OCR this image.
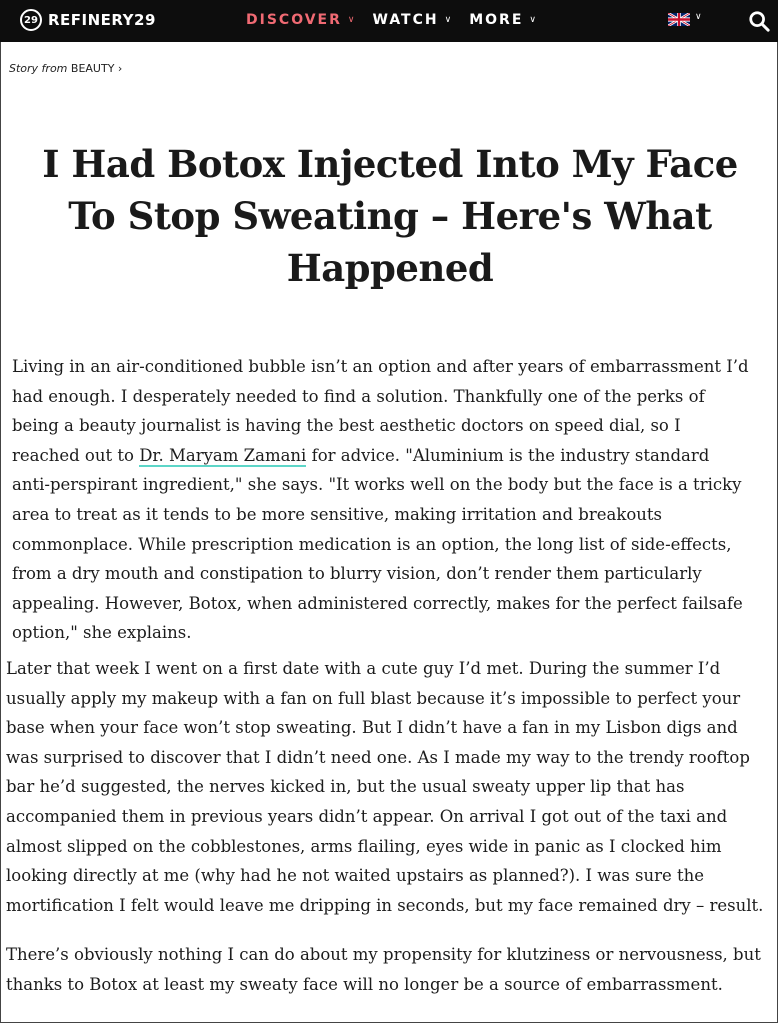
29 REFINERY29	DISCOVER ∨ WATCH ∨ MORE ∨	∨
Story from BEAUTY ›
I Had Botox Injected Into My Face To Stop Sweating – Here's What Happened

Living in an air-conditioned bubble isn’t an option and after years of embarrassment I’d had enough. I desperately needed to find a solution. Thankfully one of the perks of being a beauty journalist is having the best aesthetic doctors on speed dial, so I reached out to Dr. Maryam Zamani for advice. "Aluminium is the industry standard anti-perspirant ingredient," she says. "It works well on the body but the face is a tricky area to treat as it tends to be more sensitive, making irritation and breakouts commonplace. While prescription medication is an option, the long list of side-effects, from a dry mouth and constipation to blurry vision, don’t render them particularly appealing. However, Botox, when administered correctly, makes for the perfect failsafe option," she explains.

Later that week I went on a first date with a cute guy I’d met. During the summer I’d usually apply my makeup with a fan on full blast because it’s impossible to perfect your base when your face won’t stop sweating. But I didn’t have a fan in my Lisbon digs and was surprised to discover that I didn’t need one. As I made my way to the trendy rooftop bar he’d suggested, the nerves kicked in, but the usual sweaty upper lip that has accompanied them in previous years didn’t appear. On arrival I got out of the taxi and almost slipped on the cobblestones, arms flailing, eyes wide in panic as I clocked him looking directly at me (why had he not waited upstairs as planned?). I was sure the mortification I felt would leave me dripping in seconds, but my face remained dry – result.

There’s obviously nothing I can do about my propensity for klutziness or nervousness, but thanks to Botox at least my sweaty face will no longer be a source of embarrassment.
